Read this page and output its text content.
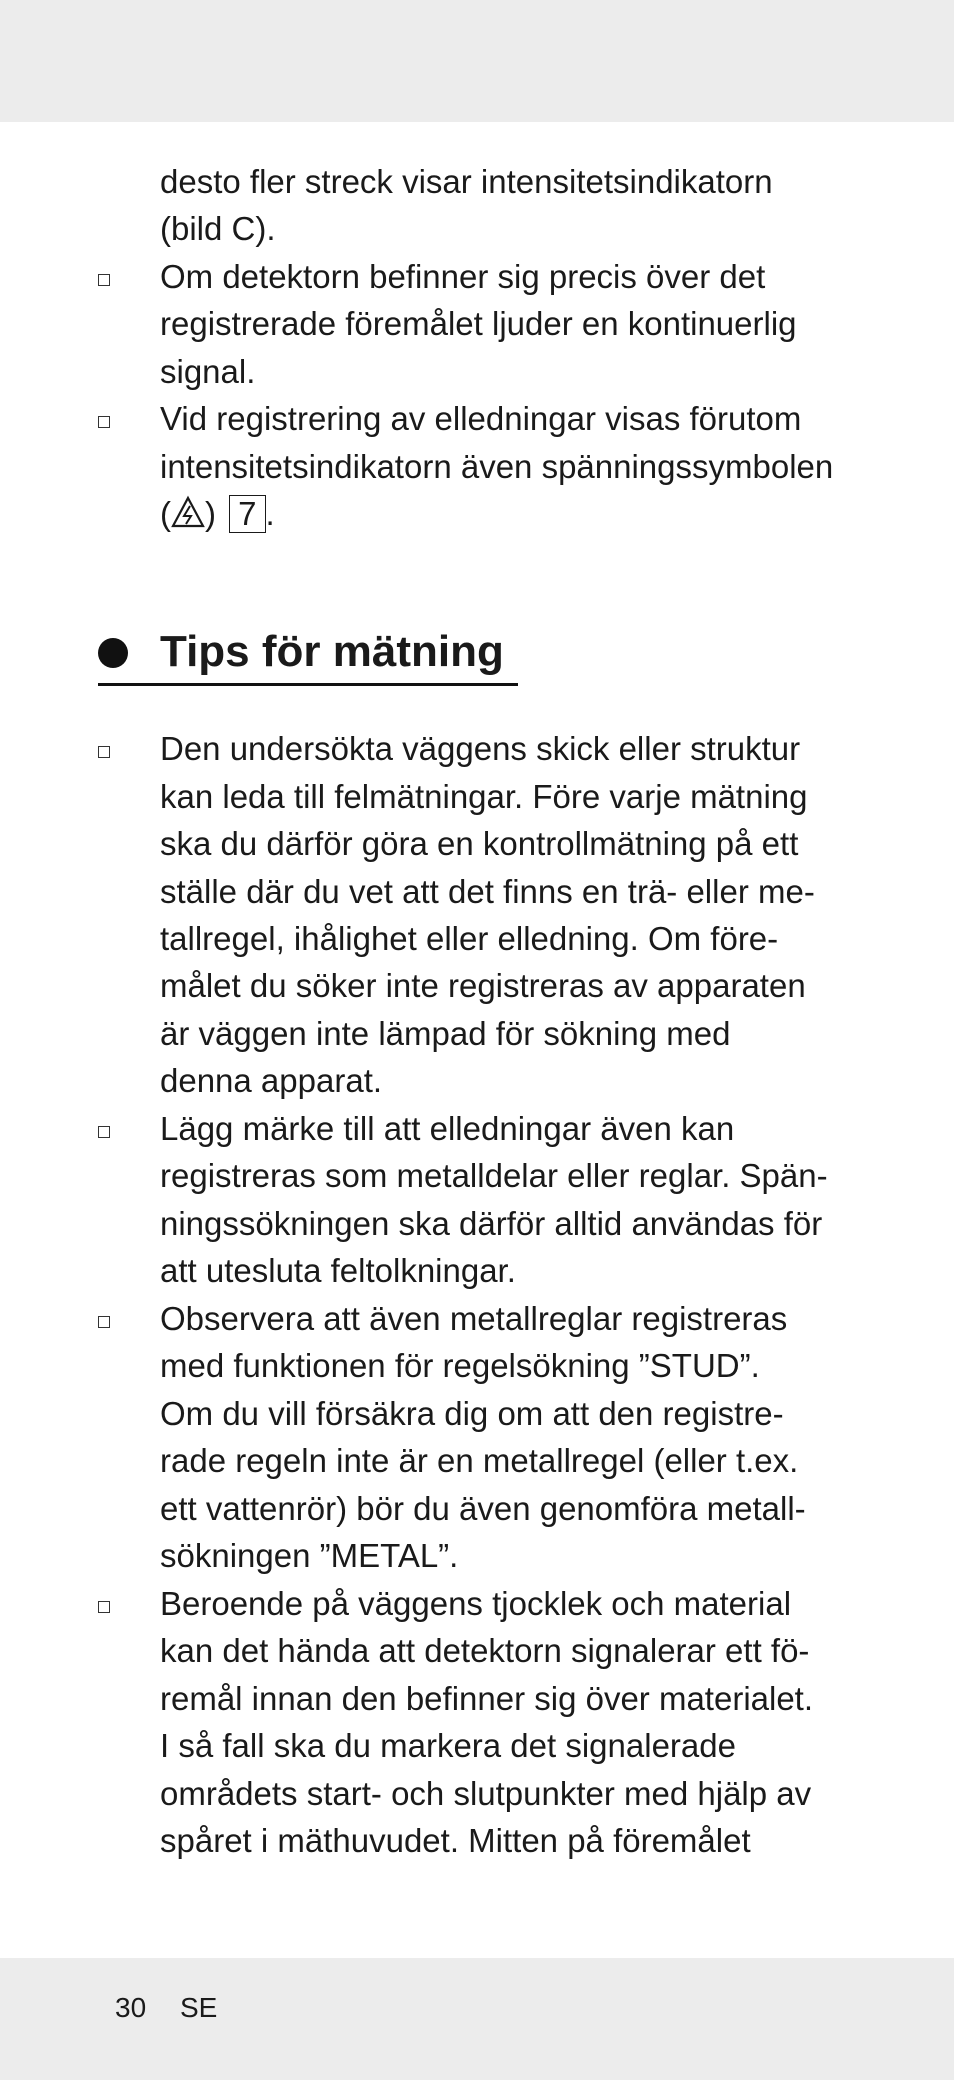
desto fler streck visar intensitetsindikatorn
(bild C).
Om detektorn befinner sig precis över det
registrerade föremålet ljuder en kontinuerlig
signal.
Vid registrering av elledningar visas förutom
intensitetsindikatorn även spänningssymbolen
( ) 7 .
Tips för mätning
Den undersökta väggens skick eller struktur
kan leda till felmätningar. Före varje mätning
ska du därför göra en kontrollmätning på ett
ställe där du vet att det finns en trä- eller me-
tallregel, ihålighet eller elledning. Om före-
målet du söker inte registreras av apparaten
är väggen inte lämpad för sökning med
denna apparat.
Lägg märke till att elledningar även kan
registreras som metalldelar eller reglar. Spän-
ningssökningen ska därför alltid användas för
att utesluta feltolkningar.
Observera att även metallreglar registreras
med funktionen för regelsökning ”STUD”.
Om du vill försäkra dig om att den registre-
rade regeln inte är en metallregel (eller t.ex.
ett vattenrör) bör du även genomföra metall-
sökningen ”METAL”.
Beroende på väggens tjocklek och material
kan det hända att detektorn signalerar ett fö-
remål innan den befinner sig över materialet.
I så fall ska du markera det signalerade
områdets start- och slutpunkter med hjälp av
spåret i mäthuvudet. Mitten på föremålet
30 SE
